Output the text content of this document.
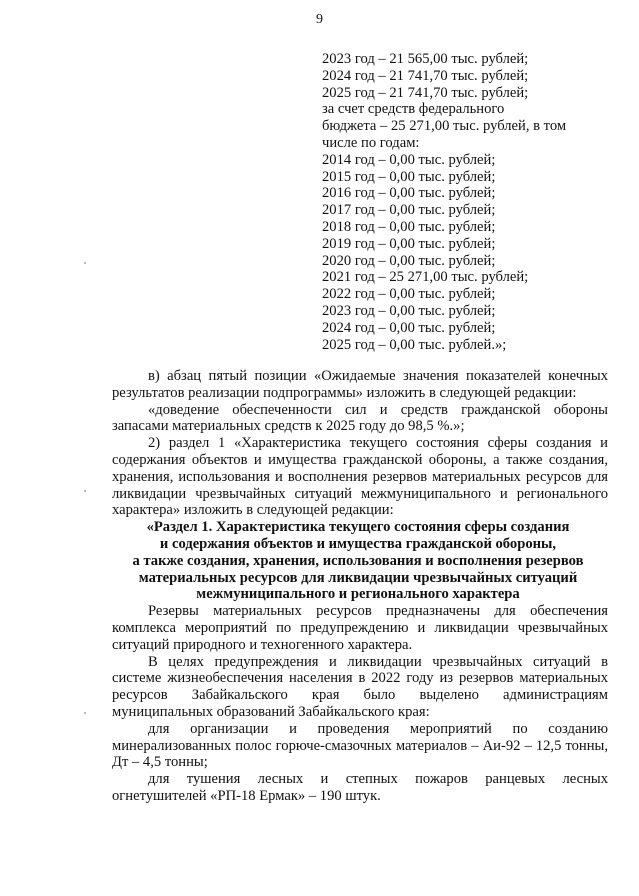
9
2023 год – 21 565,00 тыс. рублей;
2024 год – 21 741,70 тыс. рублей;
2025 год – 21 741,70 тыс. рублей;
за счет средств федерального
бюджета – 25 271,00 тыс. рублей, в том
числе по годам:
2014 год – 0,00 тыс. рублей;
2015 год – 0,00 тыс. рублей;
2016 год – 0,00 тыс. рублей;
2017 год – 0,00 тыс. рублей;
2018 год – 0,00 тыс. рублей;
2019 год – 0,00 тыс. рублей;
2020 год – 0,00 тыс. рублей;
2021 год – 25 271,00 тыс. рублей;
2022 год – 0,00 тыс. рублей;
2023 год – 0,00 тыс. рублей;
2024 год – 0,00 тыс. рублей;
2025 год – 0,00 тыс. рублей.»;
в) абзац пятый позиции «Ожидаемые значения показателей конечных результатов реализации подпрограммы» изложить в следующей редакции:
«доведение обеспеченности сил и средств гражданской обороны запасами материальных средств к 2025 году до 98,5 %.»;
2) раздел 1 «Характеристика текущего состояния сферы создания и содержания объектов и имущества гражданской обороны, а также создания, хранения, использования и восполнения резервов материальных ресурсов для ликвидации чрезвычайных ситуаций межмуниципального и регионального характера» изложить в следующей редакции:
«Раздел 1. Характеристика текущего состояния сферы создания
и содержания объектов и имущества гражданской обороны,
а также создания, хранения, использования и восполнения резервов
материальных ресурсов для ликвидации чрезвычайных ситуаций
межмуниципального и регионального характера
Резервы материальных ресурсов предназначены для обеспечения комплекса мероприятий по предупреждению и ликвидации чрезвычайных ситуаций природного и техногенного характера.
В целях предупреждения и ликвидации чрезвычайных ситуаций в системе жизнеобеспечения населения в 2022 году из резервов материальных ресурсов Забайкальского края было выделено администрациям муниципальных образований Забайкальского края:
для организации и проведения мероприятий по созданию минерализованных полос горюче-смазочных материалов – Аи-92 – 12,5 тонны, Дт – 4,5 тонны;
для тушения лесных и степных пожаров ранцевых лесных огнетушителей «РП-18 Ермак» – 190 штук.
